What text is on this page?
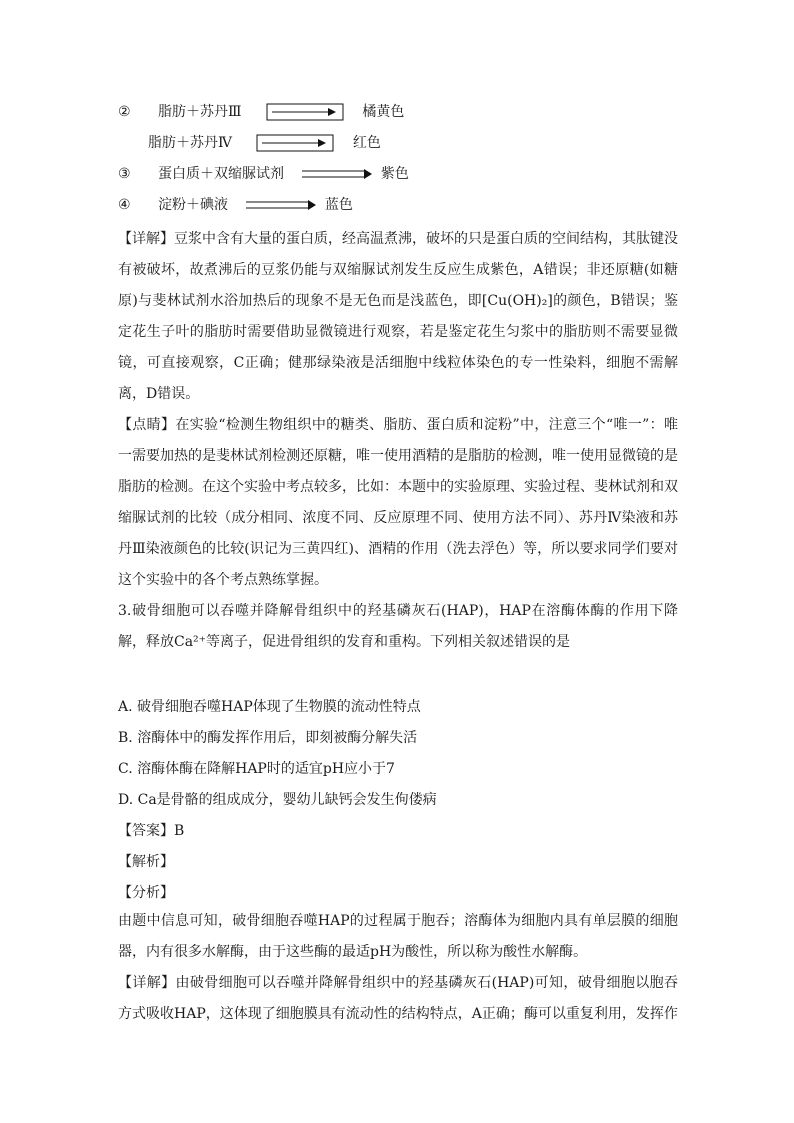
② 脂肪＋苏丹Ⅲ	橘黄色
脂肪＋苏丹Ⅳ	红色
③ 蛋白质＋双缩脲试剂	紫色
④ 淀粉＋碘液	蓝色
【详解】豆浆中含有大量的蛋白质，经高温煮沸，破坏的只是蛋白质的空间结构，其肽键没有被破坏，故煮沸后的豆浆仍能与双缩脲试剂发生反应生成紫色，A错误；非还原糖(如糖原)与斐林试剂水浴加热后的现象不是无色而是浅蓝色，即[Cu(OH)₂]的颜色，B错误；鉴定花生子叶的脂肪时需要借助显微镜进行观察，若是鉴定花生匀浆中的脂肪则不需要显微镜，可直接观察，C正确；健那绿染液是活细胞中线粒体染色的专一性染料，细胞不需解离，D错误。
【点睛】在实验“检测生物组织中的糖类、脂肪、蛋白质和淀粉”中，注意三个“唯一”：唯一需要加热的是斐林试剂检测还原糖，唯一使用酒精的是脂肪的检测，唯一使用显微镜的是脂肪的检测。在这个实验中考点较多，比如：本题中的实验原理、实验过程、斐林试剂和双缩脲试剂的比较（成分相同、浓度不同、反应原理不同、使用方法不同）、苏丹Ⅳ染液和苏丹Ⅲ染液颜色的比较(识记为三黄四红)、酒精的作用（洗去浮色）等，所以要求同学们要对这个实验中的各个考点熟练掌握。
3.破骨细胞可以吞噬并降解骨组织中的羟基磷灰石(HAP)，HAP在溶酶体酶的作用下降解，释放Ca²⁺等离子，促进骨组织的发育和重构。下列相关叙述错误的是
A. 破骨细胞吞噬HAP体现了生物膜的流动性特点
B. 溶酶体中的酶发挥作用后，即刻被酶分解失活
C. 溶酶体酶在降解HAP时的适宜pH应小于7
D. Ca是骨骼的组成成分，婴幼儿缺钙会发生佝偻病
【答案】B
【解析】
【分析】
由题中信息可知，破骨细胞吞噬HAP的过程属于胞吞；溶酶体为细胞内具有单层膜的细胞器，内有很多水解酶，由于这些酶的最适pH为酸性，所以称为酸性水解酶。
【详解】由破骨细胞可以吞噬并降解骨组织中的羟基磷灰石(HAP)可知，破骨细胞以胞吞方式吸收HAP，这体现了细胞膜具有流动性的结构特点，A正确；酶可以重复利用，发挥作
